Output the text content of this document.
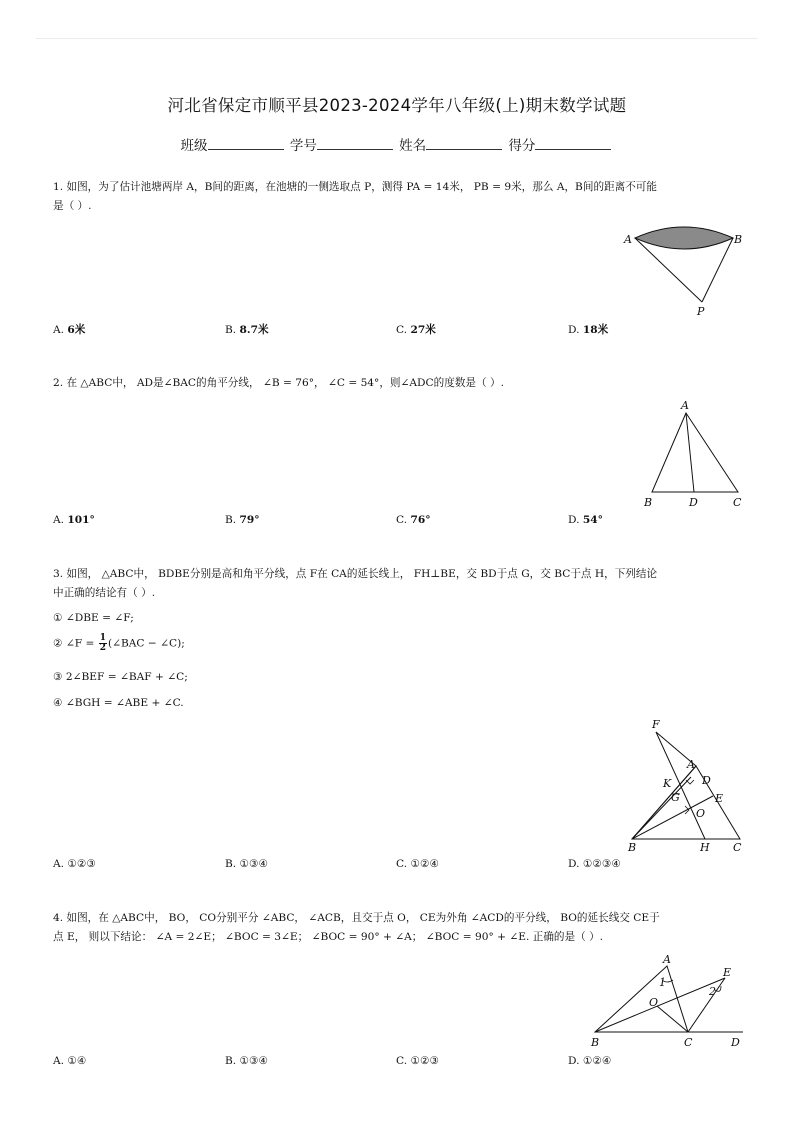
河北省保定市顺平县2023-2024学年八年级(上)期末数学试题
班级	学号	姓名	得分
1. 如图，为了估计池塘两岸 A，B间的距离，在池塘的一侧选取点 P，测得 PA = 14米， PB = 9米，那么 A，B间的距离不可能
是（ ）.
A	B
P
A. 6米	B. 8.7米	C. 27米	D. 18米
2. 在 △ABC中， AD是∠BAC的角平分线， ∠B = 76°， ∠C = 54°，则∠ADC的度数是（ ）.
A
B	D	C
A. 101°	B. 79°	C. 76°	D. 54°
3. 如图， △ABC中， BDBE分别是高和角平分线，点 F在 CA的延长线上， FH⊥BE，交 BD于点 G，交 BC于点 H，下列结论
中正确的结论有（ ）.
① ∠DBE = ∠F;
② ∠F = $\frac{1}{2}$ (∠BAC − ∠C);
③ 2∠BEF = ∠BAF + ∠C;
④ ∠BGH = ∠ABE + ∠C.
F
A
K	D
G	E
O
B	H C
A. ①②③	B. ①③④	C. ①②④	D. ①②③④
4. 如图，在 △ABC中， BO， CO分别平分 ∠ABC， ∠ACB，且交于点 O， CE为外角 ∠ACD的平分线， BO的延长线交 CE于
点 E， 则以下结论： ∠A = 2∠E； ∠BOC = 3∠E； ∠BOC = 90° + ∠A； ∠BOC = 90° + ∠E. 正确的是（ ）.
A
E
1
2
O
B	C	D
A. ①④	B. ①③④	C. ①②③	D. ①②④
